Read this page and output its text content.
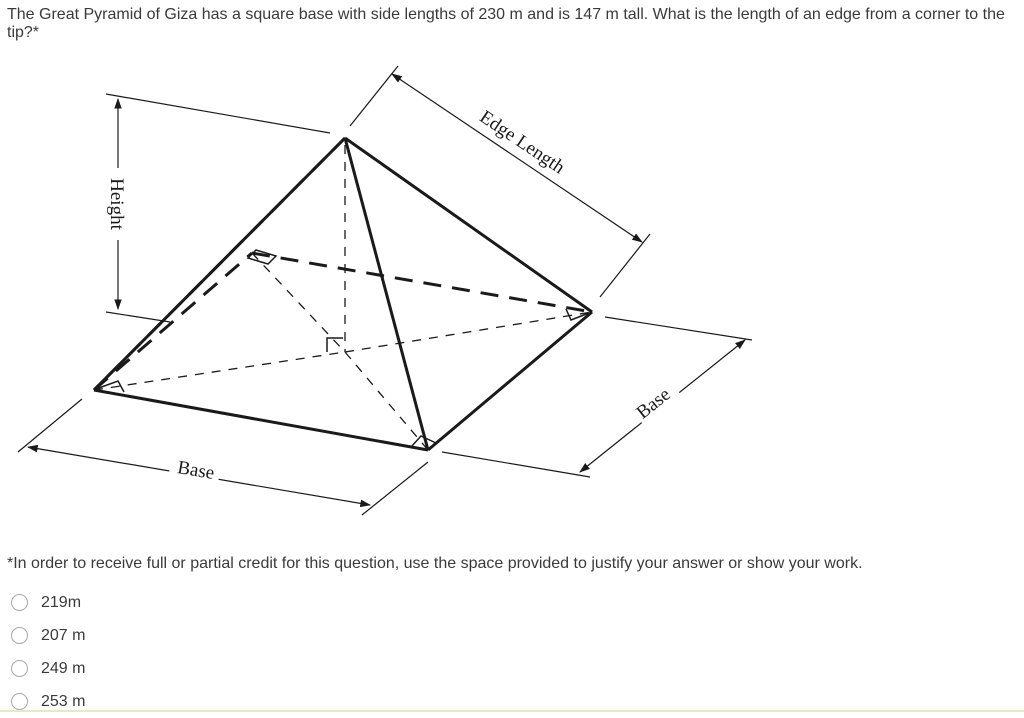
The Great Pyramid of Giza has a square base with side lengths of 230 m and is 147 m tall. What is the length of an edge from a corner to the tip?*
Height
Edge Length
Base
Base
*In order to receive full or partial credit for this question, use the space provided to justify your answer or show your work.
219m
207 m
249 m
253 m
